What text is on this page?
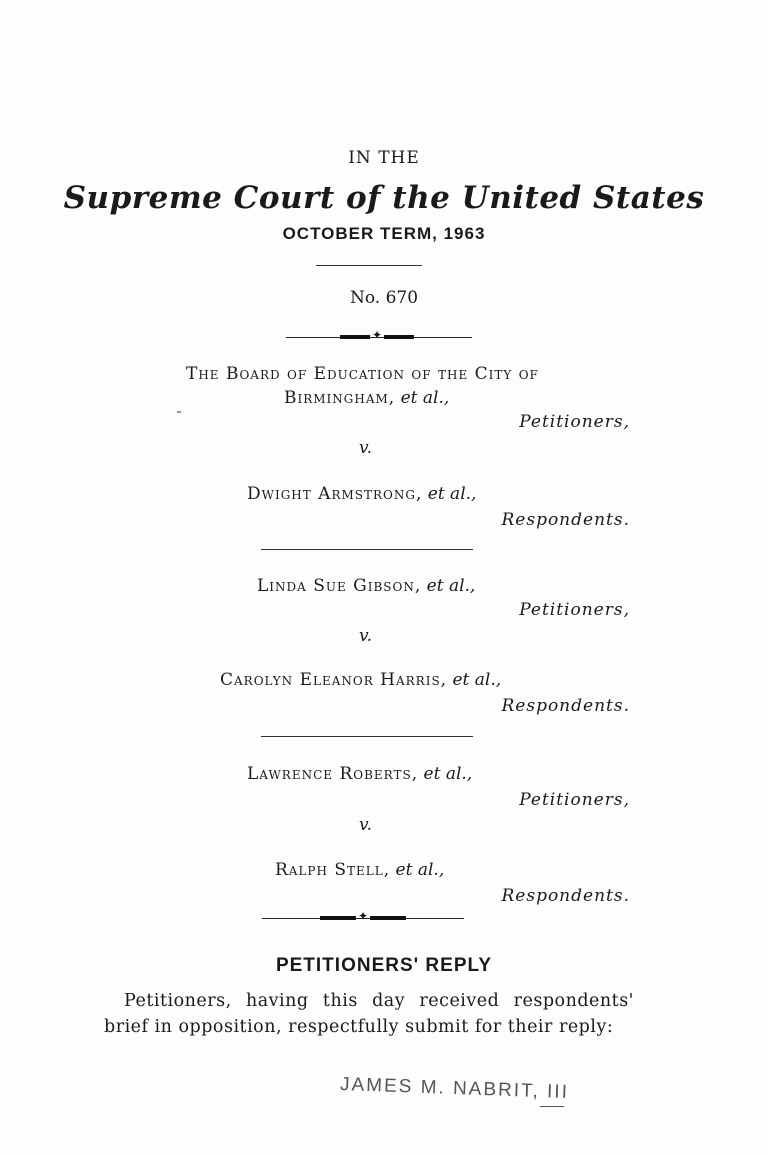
IN THE
Supreme Court of the United States
OCTOBER TERM, 1963
No. 670
✦
The Board of Education of the City of
Birmingham, et al.,
Petitioners,
v.
Dwight Armstrong, et al.,
Respondents.
Linda Sue Gibson, et al.,
Petitioners,
v.
Carolyn Eleanor Harris, et al.,
Respondents.
Lawrence Roberts, et al.,
Petitioners,
v.
Ralph Stell, et al.,
Respondents.
✦
PETITIONERS' REPLY
Petitioners, having this day received respondents' brief in opposition, respectfully submit for their reply:
JAMES M. NABRIT, III
